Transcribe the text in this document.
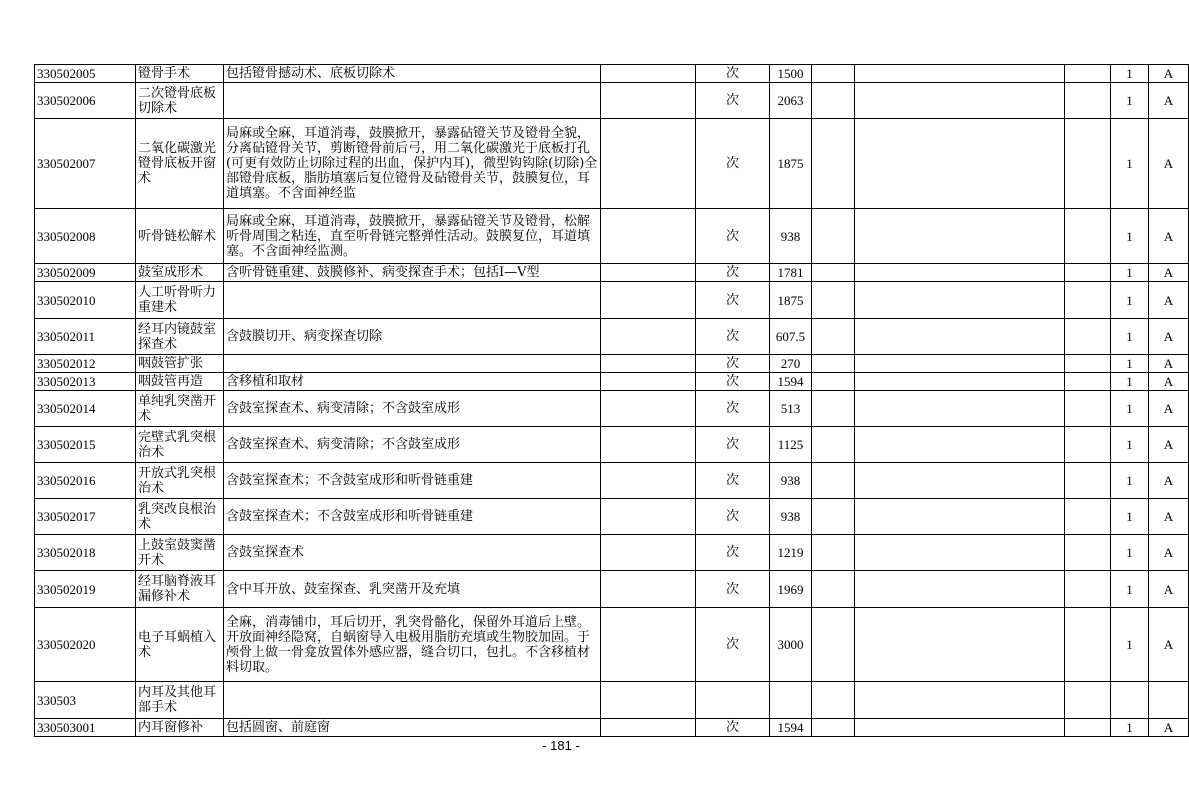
330502005	镫骨手术	包括镫骨撼动术、底板切除术		次	1500				1	A
330502006	二次镫骨底板切除术			次	2063				1	A
330502007	二氧化碳激光镫骨底板开窗术	局麻或全麻，耳道消毒，鼓膜掀开，暴露砧镫关节及镫骨全貌，分离砧镫骨关节，剪断镫骨前后弓，用二氧化碳激光于底板打孔(可更有效防止切除过程的出血，保护内耳)，微型钩钩除(切除)全部镫骨底板，脂肪填塞后复位镫骨及砧镫骨关节，鼓膜复位，耳道填塞。不含面神经监		次	1875				1	A
330502008	听骨链松解术	局麻或全麻，耳道消毒，鼓膜掀开，暴露砧镫关节及镫骨，松解听骨周围之粘连，直至听骨链完整弹性活动。鼓膜复位，耳道填塞。不含面神经监测。		次	938				1	A
330502009	鼓室成形术	含听骨链重建、鼓膜修补、病变探查手术；包括Ⅰ—Ⅴ型		次	1781				1	A
330502010	人工听骨听力重建术			次	1875				1	A
330502011	经耳内镜鼓室探查术	含鼓膜切开、病变探查切除		次	607.5				1	A
330502012	咽鼓管扩张			次	270				1	A
330502013	咽鼓管再造	含移植和取材		次	1594				1	A
330502014	单纯乳突凿开术	含鼓室探查术、病变清除；不含鼓室成形		次	513				1	A
330502015	完壁式乳突根治术	含鼓室探查术、病变清除；不含鼓室成形		次	1125				1	A
330502016	开放式乳突根治术	含鼓室探查术；不含鼓室成形和听骨链重建		次	938				1	A
330502017	乳突改良根治术	含鼓室探查术；不含鼓室成形和听骨链重建		次	938				1	A
330502018	上鼓室鼓窦凿开术	含鼓室探查术		次	1219				1	A
330502019	经耳脑脊液耳漏修补术	含中耳开放、鼓室探查、乳突凿开及充填		次	1969				1	A
330502020	电子耳蜗植入术	全麻，消毒铺巾，耳后切开，乳突骨骼化，保留外耳道后上壁。开放面神经隐窝，自蜗窗导入电极用脂肪充填或生物胶加固。于颅骨上做一骨龛放置体外感应器，缝合切口，包扎。不含移植材料切取。		次	3000				1	A
330503	内耳及其他耳部手术									
330503001	内耳窗修补	包括圆窗、前庭窗		次	1594				1	A
- 181 -
